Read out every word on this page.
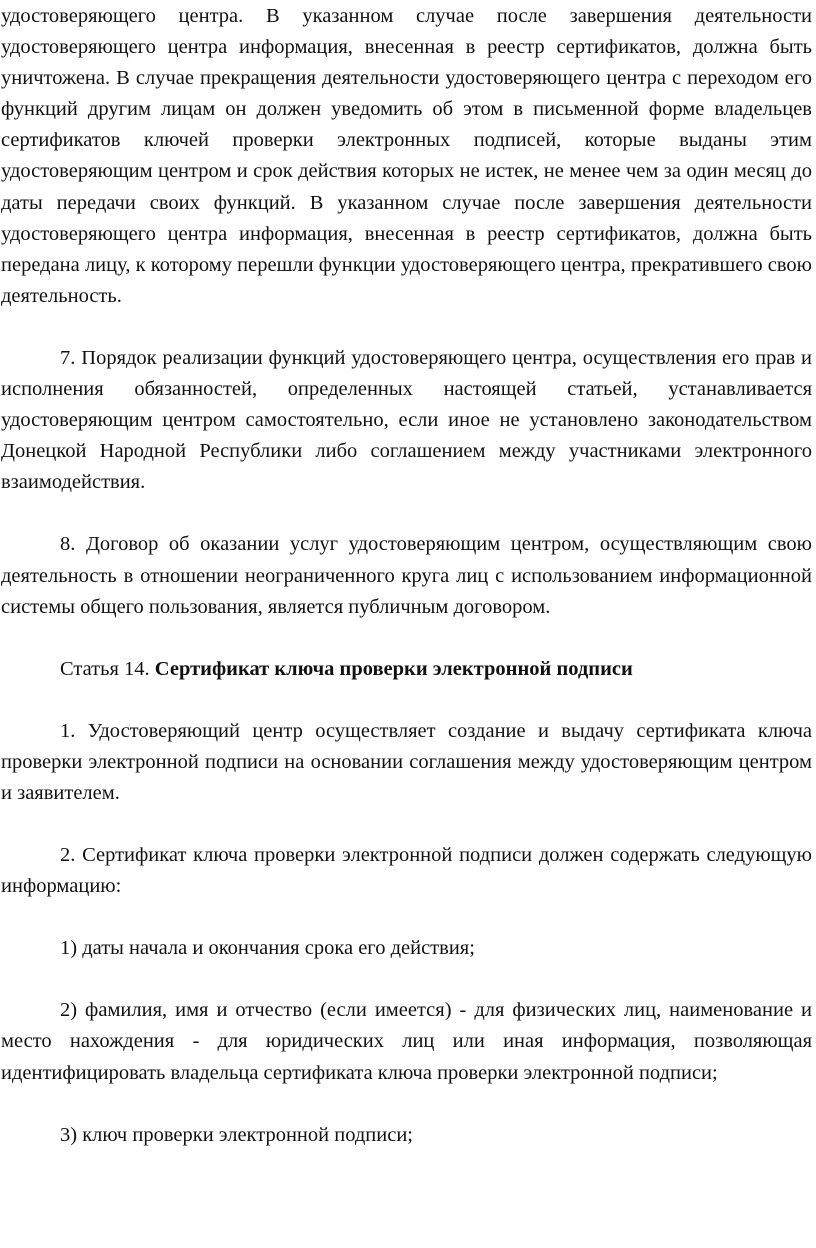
удостоверяющего центра. В указанном случае после завершения деятельности удостоверяющего центра информация, внесенная в реестр сертификатов, должна быть уничтожена. В случае прекращения деятельности удостоверяющего центра с переходом его функций другим лицам он должен уведомить об этом в письменной форме владельцев сертификатов ключей проверки электронных подписей, которые выданы этим удостоверяющим центром и срок действия которых не истек, не менее чем за один месяц до даты передачи своих функций. В указанном случае после завершения деятельности удостоверяющего центра информация, внесенная в реестр сертификатов, должна быть передана лицу, к которому перешли функции удостоверяющего центра, прекратившего свою деятельность.

7. Порядок реализации функций удостоверяющего центра, осуществления его прав и исполнения обязанностей, определенных настоящей статьей, устанавливается удостоверяющим центром самостоятельно, если иное не установлено законодательством Донецкой Народной Республики либо соглашением между участниками электронного взаимодействия.

8. Договор об оказании услуг удостоверяющим центром, осуществляющим свою деятельность в отношении неограниченного круга лиц с использованием информационной системы общего пользования, является публичным договором.

Статья 14. Сертификат ключа проверки электронной подписи

1. Удостоверяющий центр осуществляет создание и выдачу сертификата ключа проверки электронной подписи на основании соглашения между удостоверяющим центром и заявителем.

2. Сертификат ключа проверки электронной подписи должен содержать следующую информацию:

1) даты начала и окончания срока его действия;

2) фамилия, имя и отчество (если имеется) - для физических лиц, наименование и место нахождения - для юридических лиц или иная информация, позволяющая идентифицировать владельца сертификата ключа проверки электронной подписи;

3) ключ проверки электронной подписи;
